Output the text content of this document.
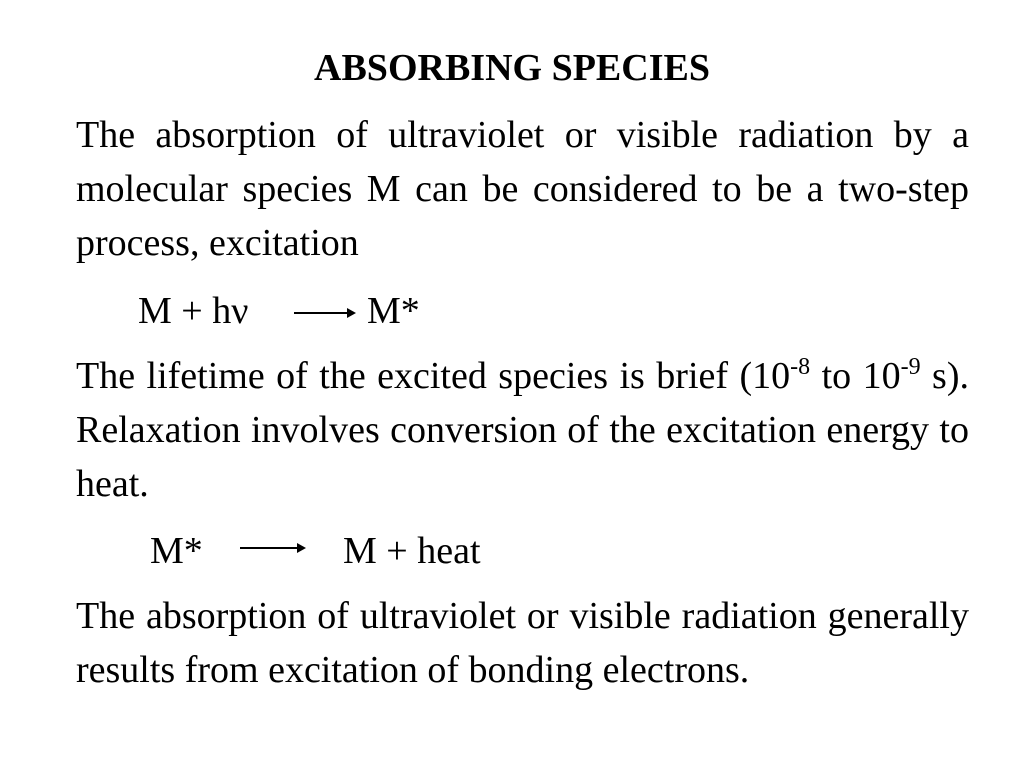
ABSORBING SPECIES

The absorption of ultraviolet or visible radiation by a molecular species M can be considered to be a two-step process, excitation

M + hν → M*

The lifetime of the excited species is brief ($10^{-8}$ to $10^{-9}$ s). Relaxation involves conversion of the excitation energy to heat.

M* → M + heat

The absorption of ultraviolet or visible radiation generally results from excitation of bonding electrons.
